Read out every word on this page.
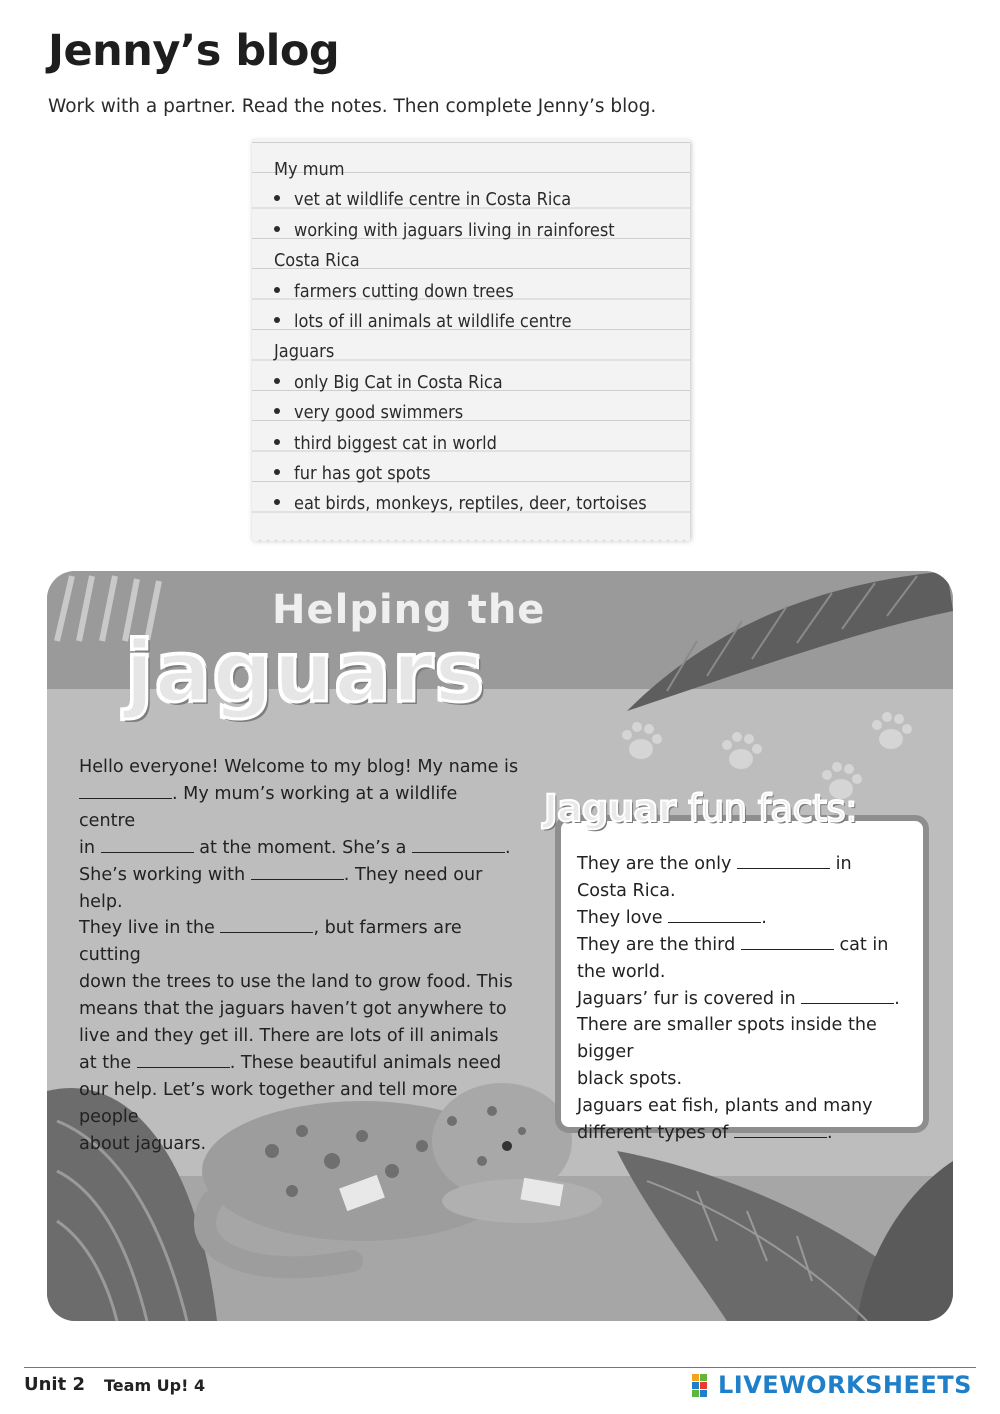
Jenny’s blog
Work with a partner. Read the notes. Then complete Jenny’s blog.
My mum
vet at wildlife centre in Costa Rica
working with jaguars living in rainforest
Costa Rica
farmers cutting down trees
lots of ill animals at wildlife centre
Jaguars
only Big Cat in Costa Rica
very good swimmers
third biggest cat in world
fur has got spots
eat birds, monkeys, reptiles, deer, tortoises
Helping the
jaguars
Hello everyone! Welcome to my blog! My name is
. My mum’s working at a wildlife centre
in	at the moment. She’s a	.
She’s working with	. They need our help.
They live in the	, but farmers are cutting
down the trees to use the land to grow food. This
means that the jaguars haven’t got anywhere to
live and they get ill. There are lots of ill animals
at the	. These beautiful animals need
our help. Let’s work together and tell more people
about jaguars.
They are the only	in
Costa Rica.
They love	.
They are the third	cat in
the world.
Jaguars’ fur is covered in	.
There are smaller spots inside the bigger
black spots.
Jaguars eat fish, plants and many
different types of	.
Jaguar fun facts:
Unit 2 Team Up! 4	LIVEWORKSHEETS
